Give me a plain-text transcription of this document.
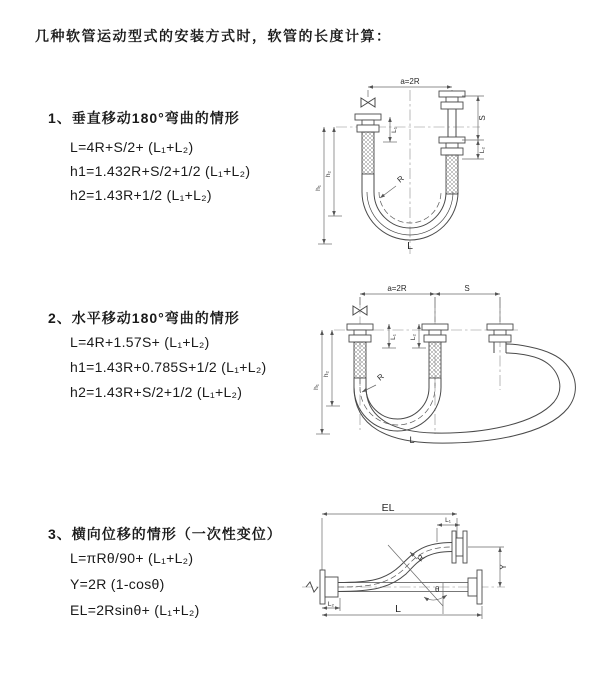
几种软管运动型式的安装方式时，软管的长度计算：
1、垂直移动180°弯曲的情形
L=4R+S/2+ (L₁+L₂)
h1=1.432R+S/2+1/2 (L₁+L₂)
h2=1.43R+1/2 (L₁+L₂)
2、水平移动180°弯曲的情形
L=4R+1.57S+ (L₁+L₂)
h1=1.43R+0.785S+1/2 (L₁+L₂)
h2=1.43R+S/2+1/2 (L₁+L₂)
3、横向位移的情形（一次性变位）
L=πRθ/90+ (L₁+L₂)
Y=2R (1-cosθ)
EL=2Rsinθ+ (L₁+L₂)
a=2R
h₁
h₂
L₁
S
L₂
R
L
a=2R	S
h₁
h₂
L₁ L₂
R
L
EL
L₁
θ
R
Y
L₂	L
